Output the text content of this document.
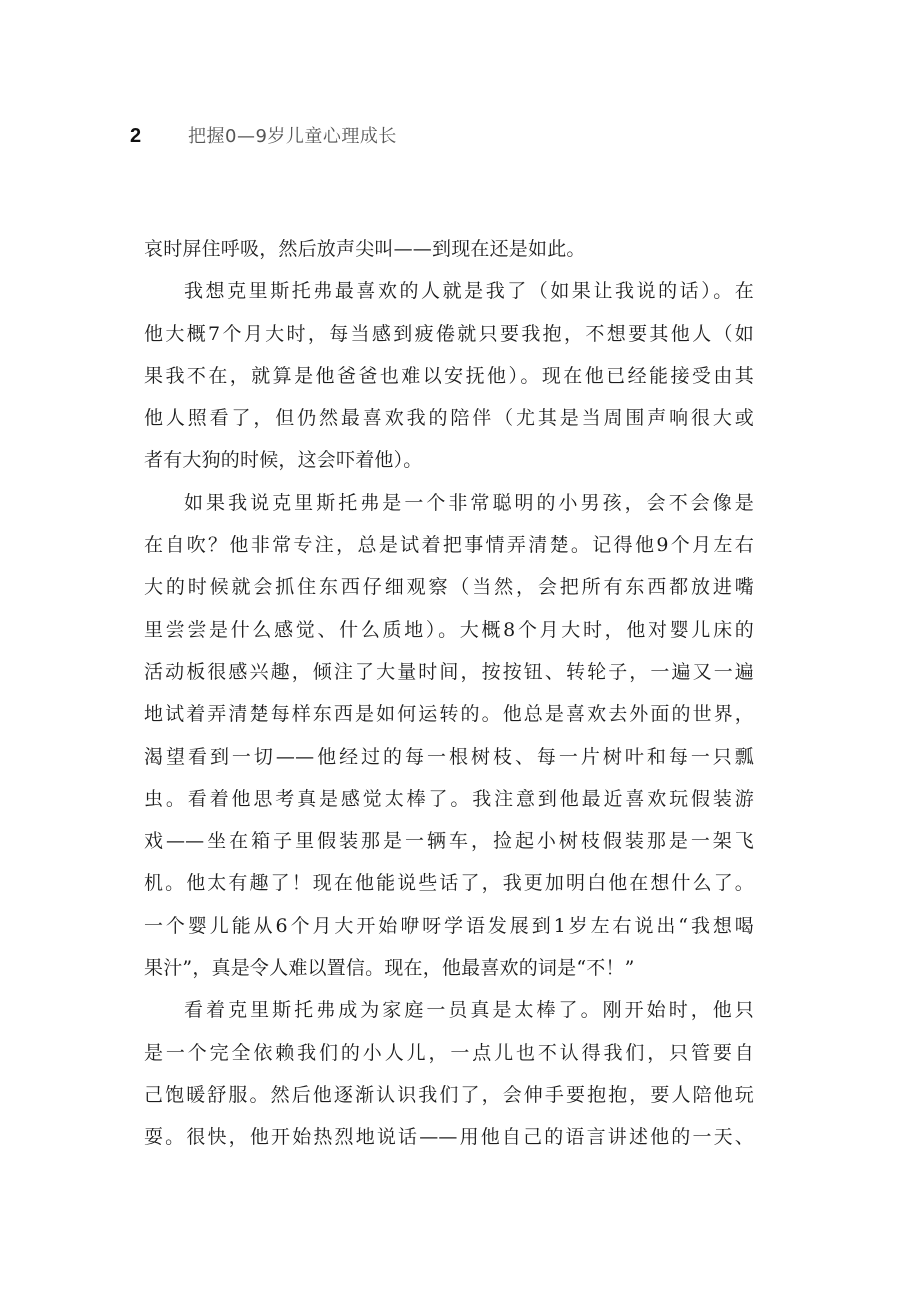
2	把握0—9岁儿童心理成长
哀时屏住呼吸，然后放声尖叫——到现在还是如此。
我想克里斯托弗最喜欢的人就是我了（如果让我说的话）。在
他大概7个月大时，每当感到疲倦就只要我抱，不想要其他人（如
果我不在，就算是他爸爸也难以安抚他）。现在他已经能接受由其
他人照看了，但仍然最喜欢我的陪伴（尤其是当周围声响很大或
者有大狗的时候，这会吓着他）。
如果我说克里斯托弗是一个非常聪明的小男孩，会不会像是
在自吹？他非常专注，总是试着把事情弄清楚。记得他9个月左右
大的时候就会抓住东西仔细观察（当然，会把所有东西都放进嘴
里尝尝是什么感觉、什么质地）。大概8个月大时，他对婴儿床的
活动板很感兴趣，倾注了大量时间，按按钮、转轮子，一遍又一遍
地试着弄清楚每样东西是如何运转的。他总是喜欢去外面的世界，
渴望看到一切——他经过的每一根树枝、每一片树叶和每一只瓢
虫。看着他思考真是感觉太棒了。我注意到他最近喜欢玩假装游
戏——坐在箱子里假装那是一辆车，捡起小树枝假装那是一架飞
机。他太有趣了！现在他能说些话了，我更加明白他在想什么了。
一个婴儿能从6个月大开始咿呀学语发展到1岁左右说出“我想喝
果汁”，真是令人难以置信。现在，他最喜欢的词是“不！”
看着克里斯托弗成为家庭一员真是太棒了。刚开始时，他只
是一个完全依赖我们的小人儿，一点儿也不认得我们，只管要自
己饱暖舒服。然后他逐渐认识我们了，会伸手要抱抱，要人陪他玩
耍。很快，他开始热烈地说话——用他自己的语言讲述他的一天、
